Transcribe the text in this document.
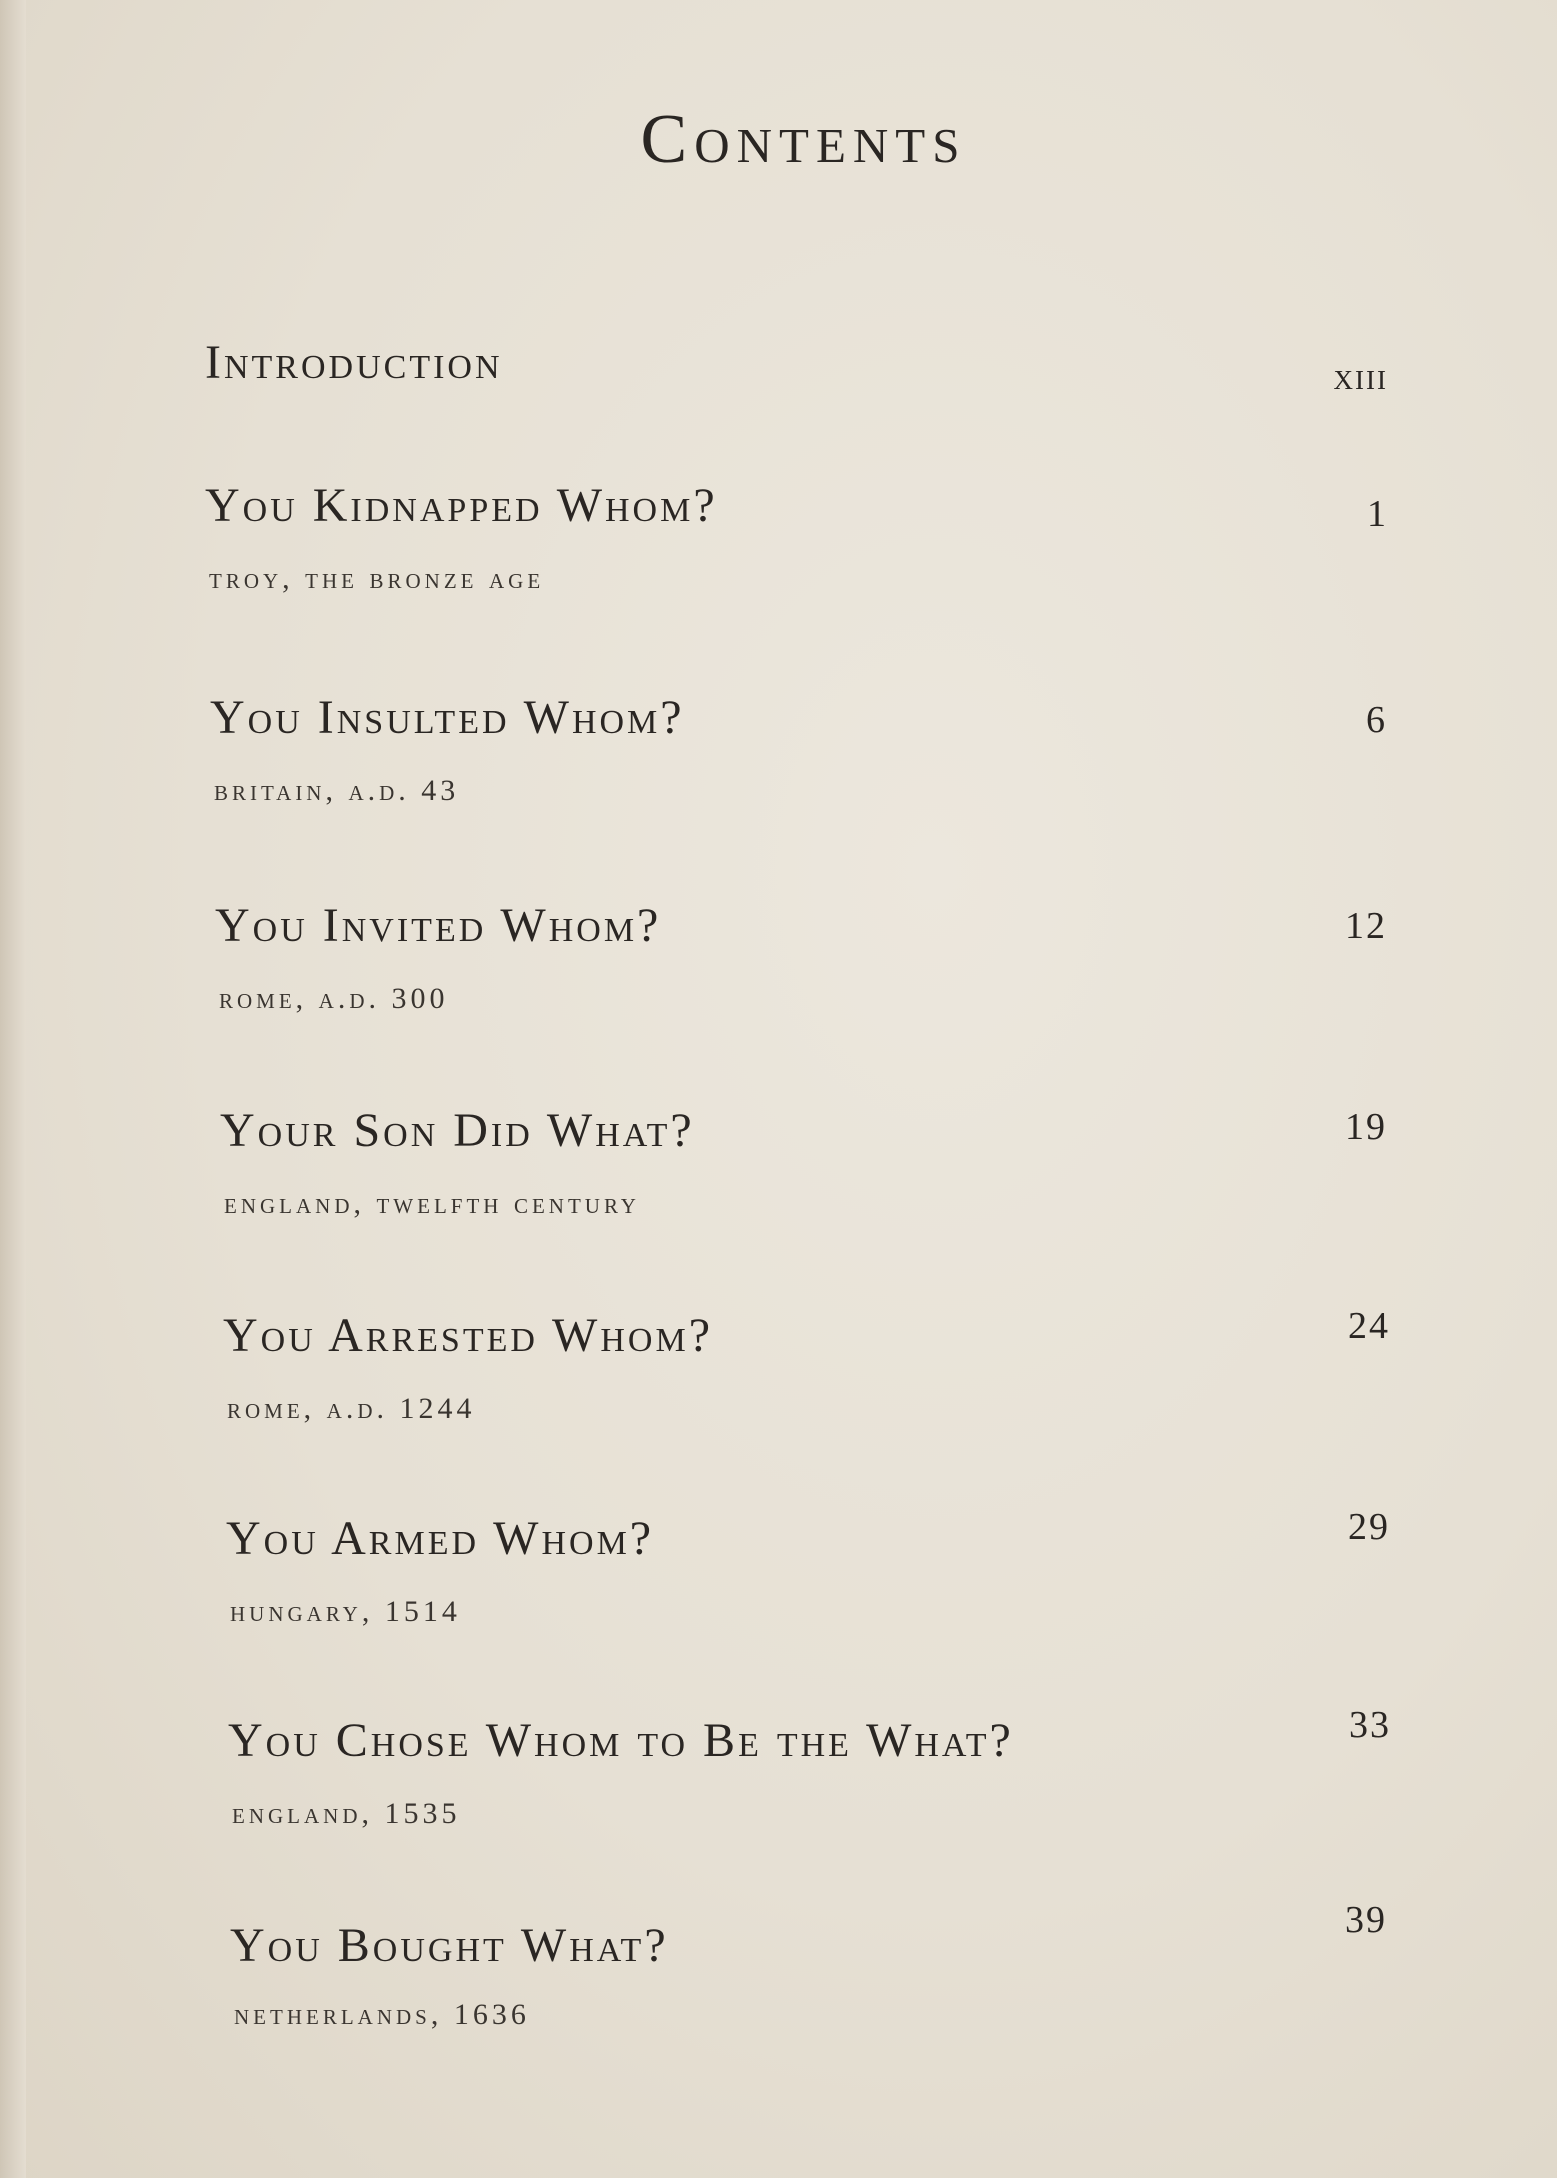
Contents
Introduction	xiii
You Kidnapped Whom?
troy, the bronze age
1
You Insulted Whom?
britain, a.d. 43
6
You Invited Whom?
rome, a.d. 300
12
Your Son Did What?
england, twelfth century
19
You Arrested Whom?
rome, a.d. 1244
24
You Armed Whom?
hungary, 1514
29
You Chose Whom to Be the What?
england, 1535
33
You Bought What?
netherlands, 1636
39
